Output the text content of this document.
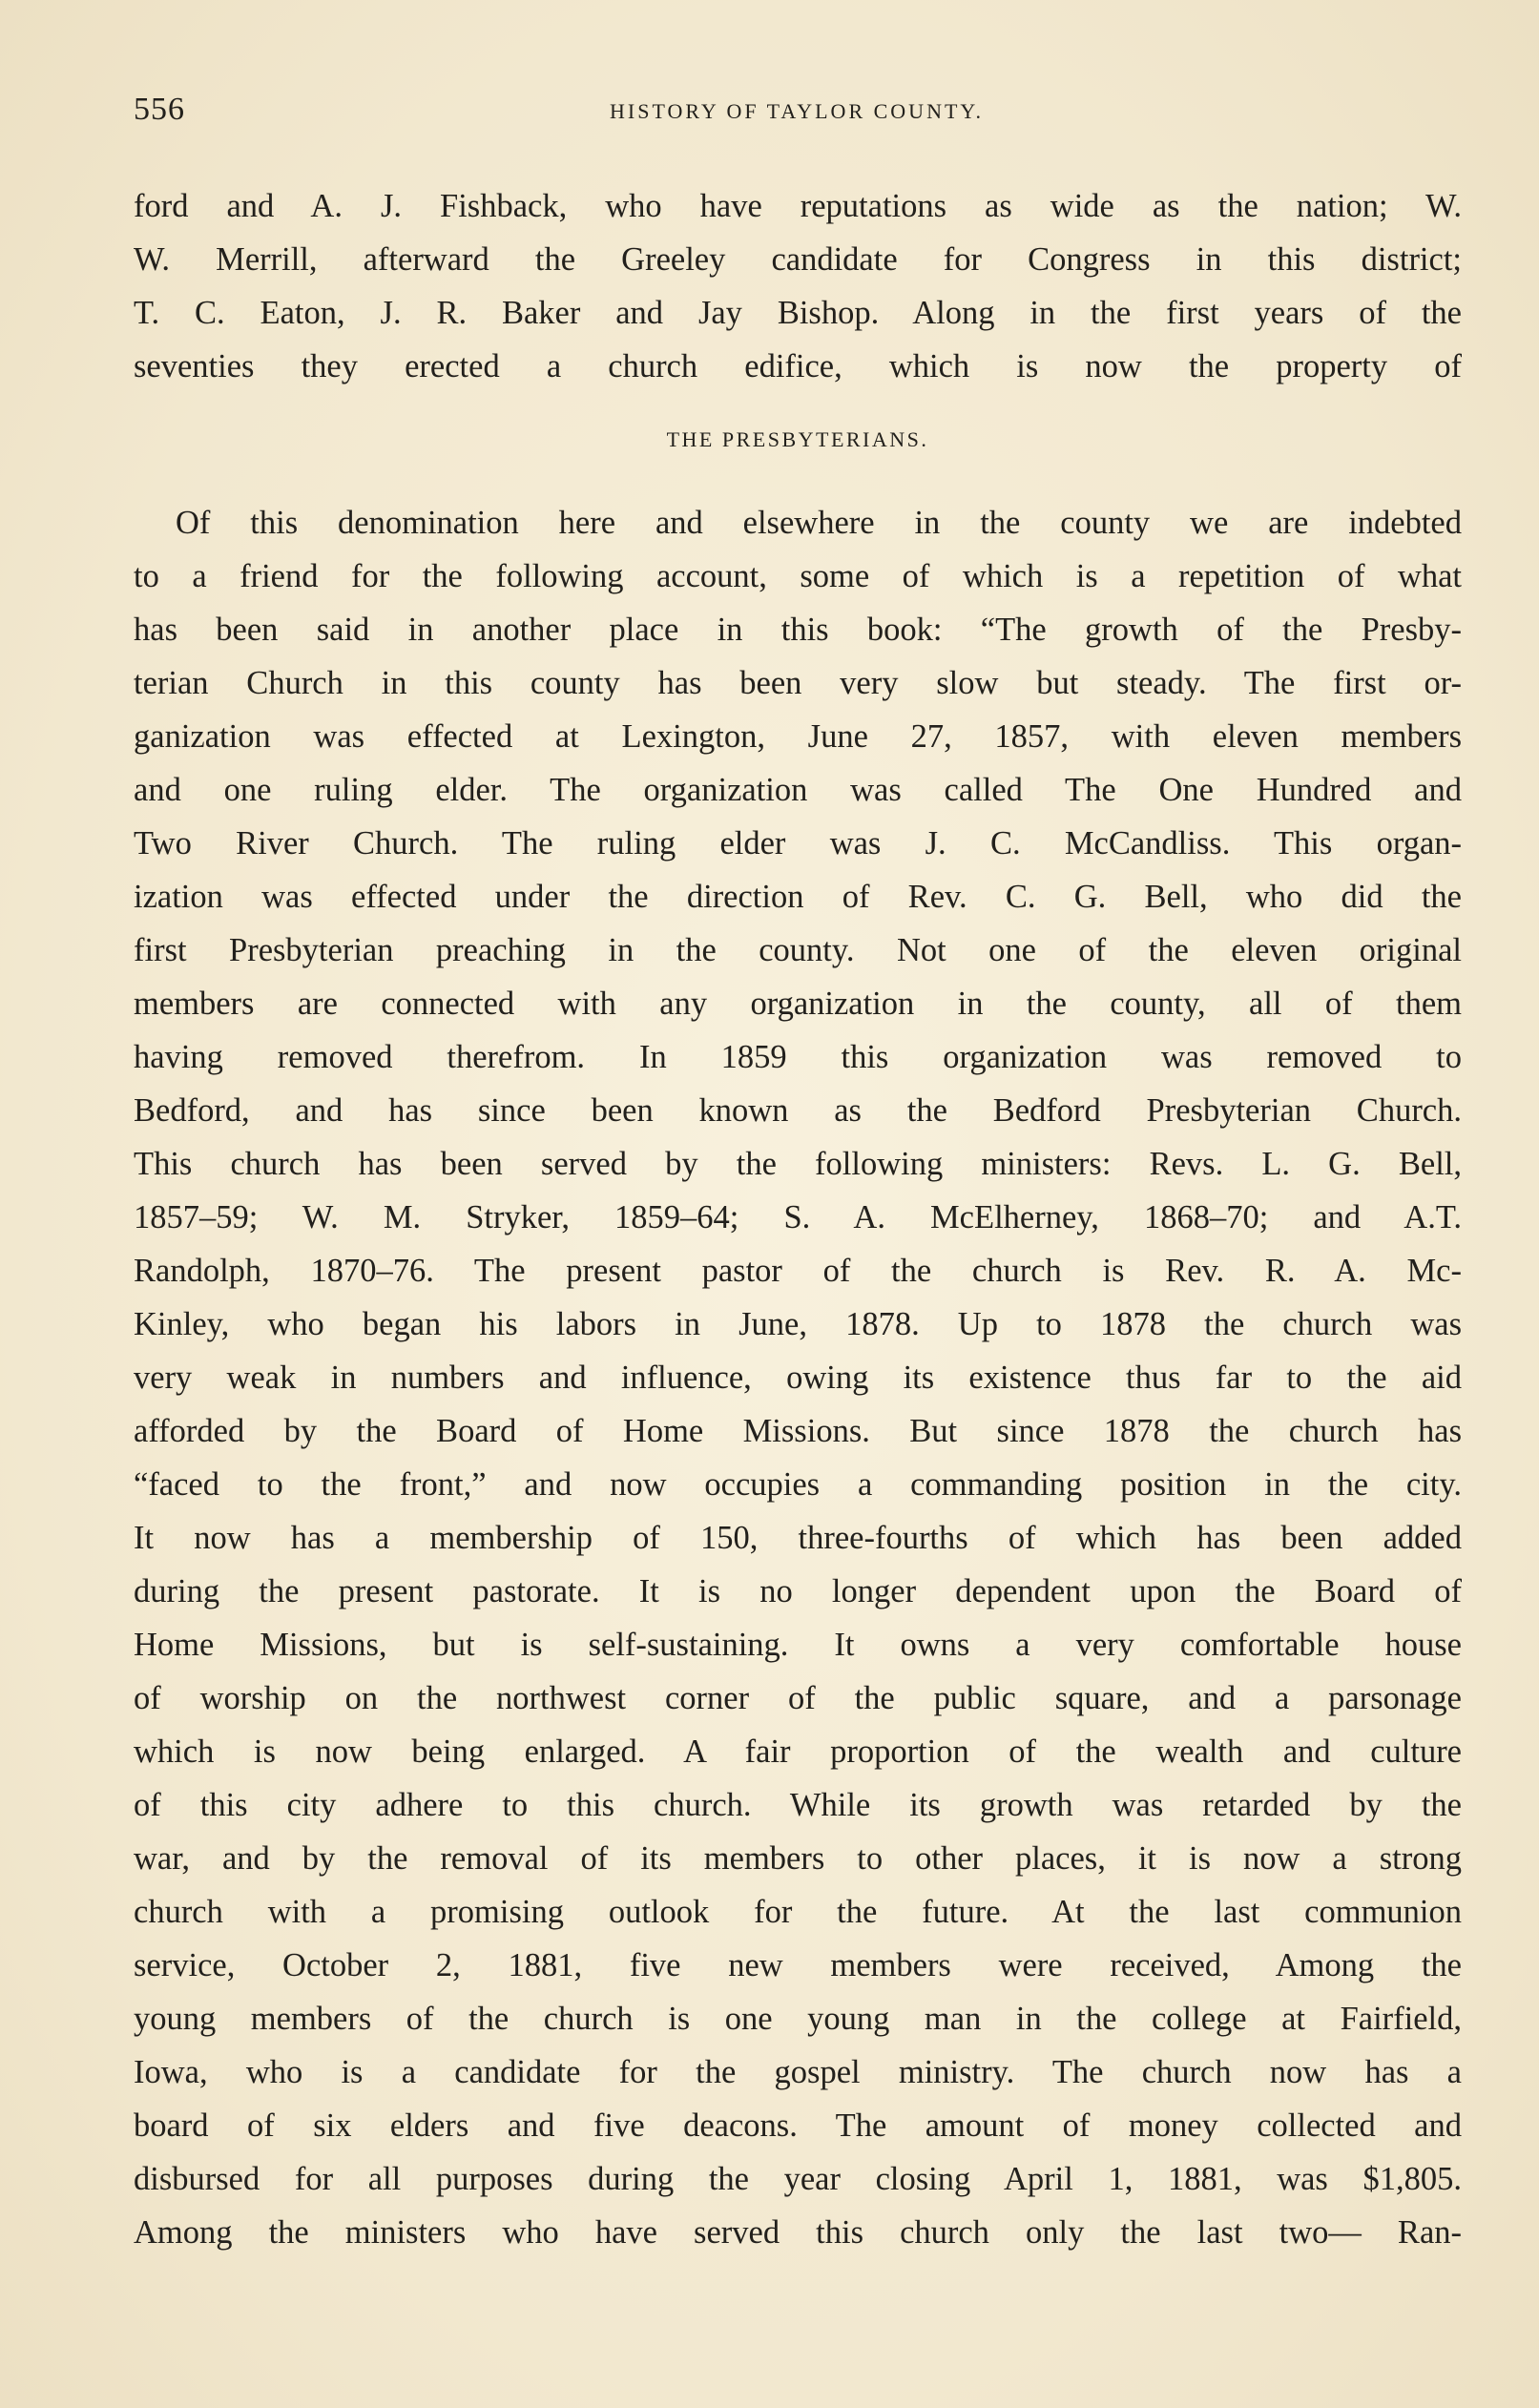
556	HISTORY OF TAYLOR COUNTY.
ford and A. J. Fishback, who have reputations as wide as the nation; W.
W. Merrill, afterward the Greeley candidate for Congress in this district;
T. C. Eaton, J. R. Baker and Jay Bishop. Along in the first years of the
seventies they erected a church edifice, which is now the property of
THE PRESBYTERIANS.
Of this denomination here and elsewhere in the county we are indebted
to a friend for the following account, some of which is a repetition of what
has been said in another place in this book: “The growth of the Presby-
terian Church in this county has been very slow but steady. The first or-
ganization was effected at Lexington, June 27, 1857, with eleven members
and one ruling elder. The organization was called The One Hundred and
Two River Church. The ruling elder was J. C. McCandliss. This organ-
ization was effected under the direction of Rev. C. G. Bell, who did the
first Presbyterian preaching in the county. Not one of the eleven original
members are connected with any organization in the county, all of them
having removed therefrom. In 1859 this organization was removed to
Bedford, and has since been known as the Bedford Presbyterian Church.
This church has been served by the following ministers: Revs. L. G. Bell,
1857–59; W. M. Stryker, 1859–64; S. A. McElherney, 1868–70; and A.T.
Randolph, 1870–76. The present pastor of the church is Rev. R. A. Mc-
Kinley, who began his labors in June, 1878. Up to 1878 the church was
very weak in numbers and influence, owing its existence thus far to the aid
afforded by the Board of Home Missions. But since 1878 the church has
“faced to the front,” and now occupies a commanding position in the city.
It now has a membership of 150, three-fourths of which has been added
during the present pastorate. It is no longer dependent upon the Board of
Home Missions, but is self-sustaining. It owns a very comfortable house
of worship on the northwest corner of the public square, and a parsonage
which is now being enlarged. A fair proportion of the wealth and culture
of this city adhere to this church. While its growth was retarded by the
war, and by the removal of its members to other places, it is now a strong
church with a promising outlook for the future. At the last communion
service, October 2, 1881, five new members were received, Among the
young members of the church is one young man in the college at Fairfield,
Iowa, who is a candidate for the gospel ministry. The church now has a
board of six elders and five deacons. The amount of money collected and
disbursed for all purposes during the year closing April 1, 1881, was $1,805.
Among the ministers who have served this church only the last two— Ran-
